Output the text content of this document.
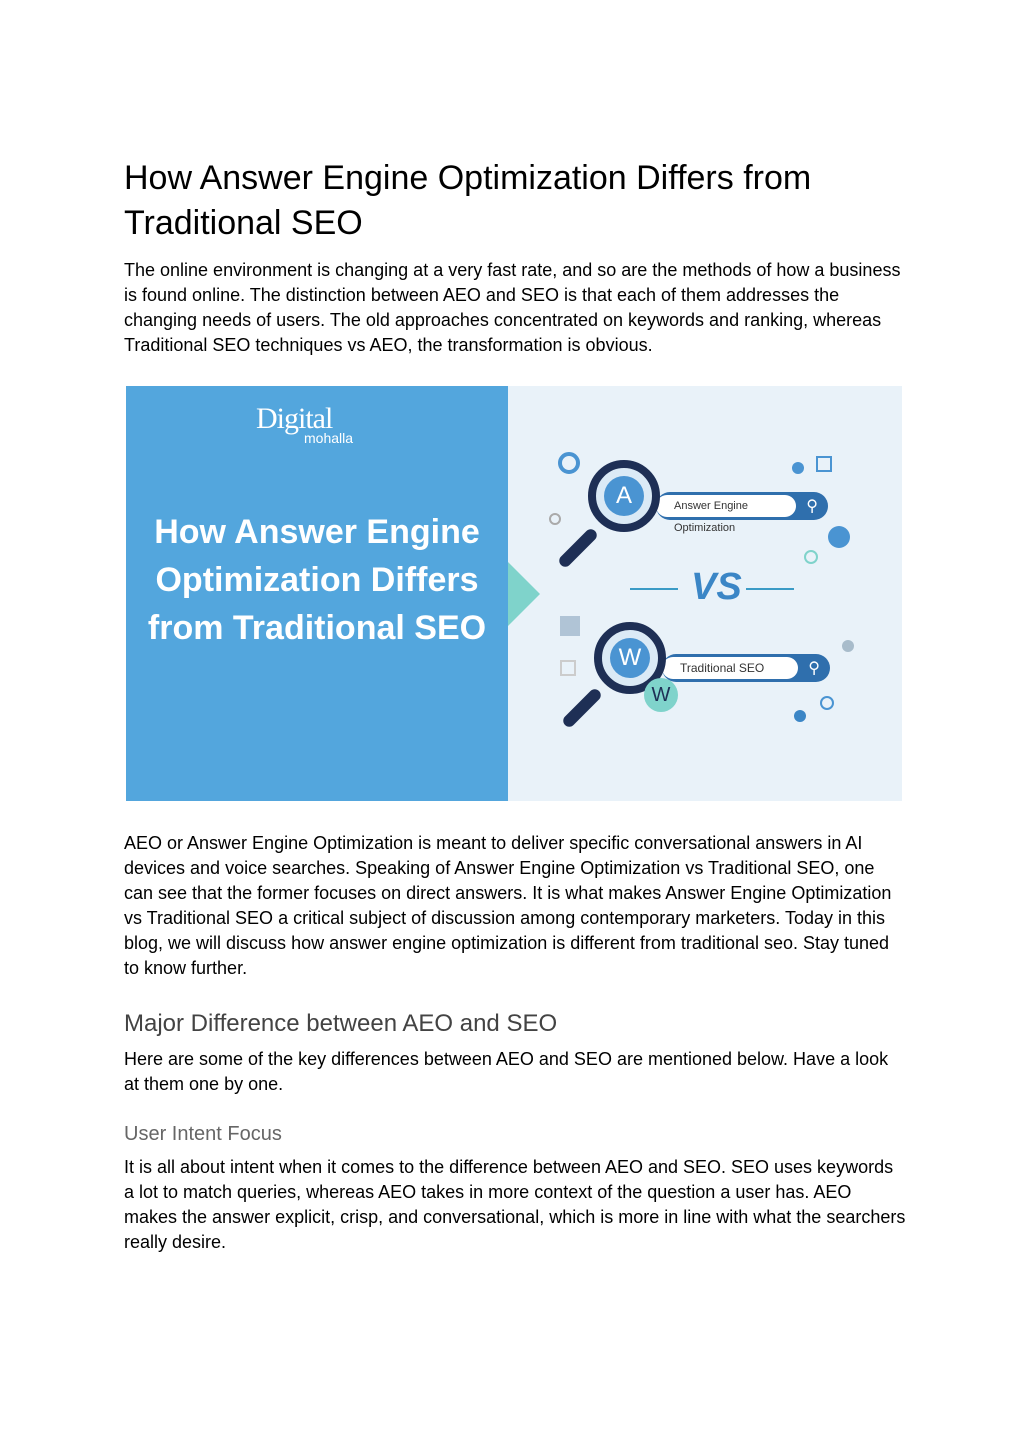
How Answer Engine Optimization Differs from Traditional SEO

The online environment is changing at a very fast rate, and so are the methods of how a business is found online. The distinction between AEO and SEO is that each of them addresses the changing needs of users. The old approaches concentrated on keywords and ranking, whereas Traditional SEO techniques vs AEO, the transformation is obvious.

Digital
mohalla
How Answer Engine Optimization Differs from Traditional SEO
Answer Engine Optimization
⚲
A
VS
Traditional SEO	⚲
W
W

AEO or Answer Engine Optimization is meant to deliver specific conversational answers in AI devices and voice searches. Speaking of Answer Engine Optimization vs Traditional SEO, one can see that the former focuses on direct answers. It is what makes Answer Engine Optimization vs Traditional SEO a critical subject of discussion among contemporary marketers. Today in this blog, we will discuss how answer engine optimization is different from traditional seo. Stay tuned to know further.

Major Difference between AEO and SEO

Here are some of the key differences between AEO and SEO are mentioned below. Have a look at them one by one.

User Intent Focus

It is all about intent when it comes to the difference between AEO and SEO. SEO uses keywords a lot to match queries, whereas AEO takes in more context of the question a user has. AEO makes the answer explicit, crisp, and conversational, which is more in line with what the searchers really desire.
